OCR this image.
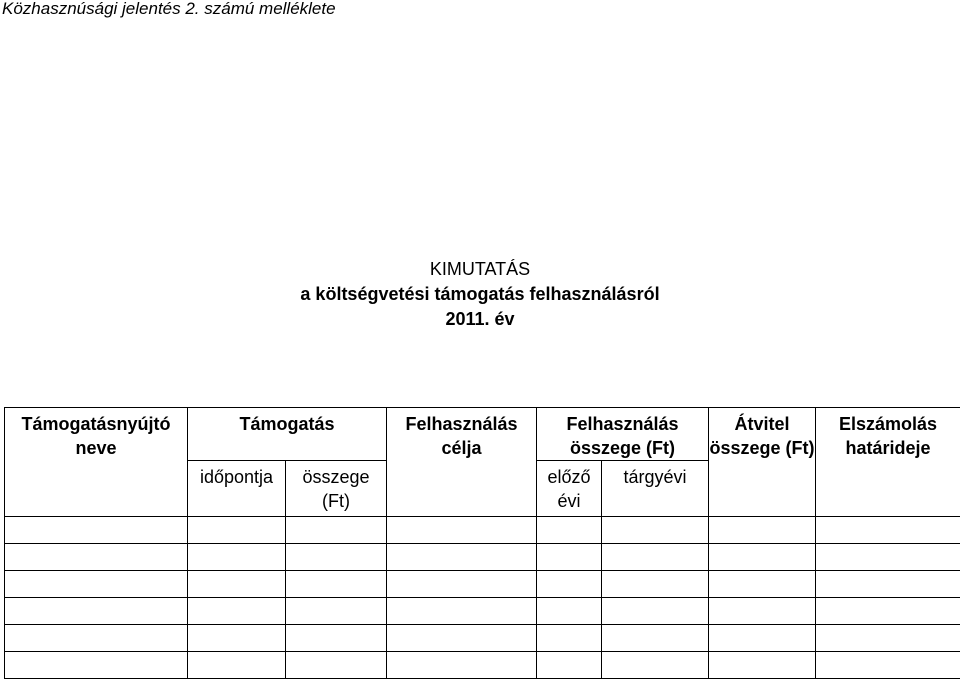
Közhasznúsági jelentés 2. számú melléklete
KIMUTATÁS
a költségvetési támogatás felhasználásról
2011. év
Támogatásnyújtó neve	Támogatás		Felhasználás célja	Felhasználás összege (Ft)		Átvitel összege (Ft)	Elszámolás határideje

	időpontja	összege (Ft)		előző évi	tárgyévi		
